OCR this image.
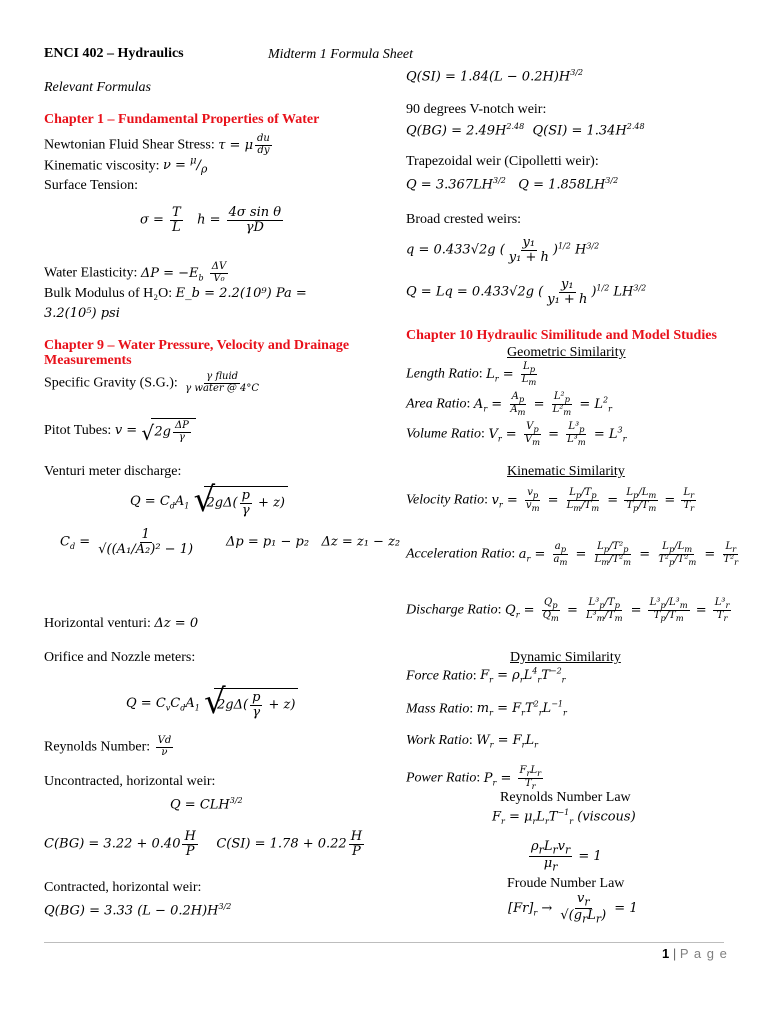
ENCI 402 – Hydraulics	Midterm 1 Formula Sheet
Relevant Formulas
Chapter 1 – Fundamental Properties of Water
Newtonian Fluid Shear Stress: τ = μ $\frac{du}{dy}$
Kinematic viscosity: $\nu = ^\mu/_\rho$
Surface Tension:
$\sigma = \frac{T}{L}$ $h = \frac{\text{4σ sin θ}}{\gamma D}$
Water Elasticity: $\Delta P = -E_b \frac{\Delta V}{\text{V₀}}$
Bulk Modulus of H₂O: E_b = 2.2(10⁹) Pa =
3.2(10⁵) psi
Chapter 9 – Water Pressure, Velocity and Drainage
Measurements
Specific Gravity (S.G.): $\frac{\text{γ fluid}}{\text{γ water @ 4°C}}$
Pitot Tubes: v = √ $2g \frac{\Delta P}{\gamma}$
Venturi meter discharge:
$Q = C_dA_1$ √
$2g\Delta( \frac{p}{\gamma} + z)$
$C_d = \frac{1}{\text{√((A₁/A₂)² − 1)}}$ Δp = p₁ − p₂   Δz = z₁ − z₂
Horizontal venturi: Δz = 0
Orifice and Nozzle meters:
$Q = C_vC_dA_1$ √
$2g\Delta( \frac{p}{\gamma} + z)$
Reynolds Number: $\frac{Vd}{\nu}$
Uncontracted, horizontal weir:
$Q = CLH^{3/2}$
$C(BG) = 3.22 + 0.40 \frac{H}{P} C(SI) = 1.78 + 0.22 \frac{H}{P}$
Contracted, horizontal weir:
Q(BG) = 3.33 $(L - 0.2H)H^{3/2}$
$Q(SI) = 1.84(L - 0.2H)H^{3/2}$
90 degrees V-notch weir:
$Q(BG) = 2.49H^{2.48}$  $Q(SI) = 1.34H^{2.48}$
Trapezoidal weir (Cipolletti weir):
$Q = 3.367LH^{3/2}$   $Q = 1.858LH^{3/2}$
Broad crested weirs:
q = 0.433√2g ( $\frac{\text{y₁}}{\text{y₁ + h}} )^{1/2}$ $H^{3/2}$
Q = Lq = 0.433√2g ( $\frac{\text{y₁}}{\text{y₁ + h}} )^{1/2}$ $LH^{3/2}$
Chapter 10 Hydraulic Similitude and Model Studies
Geometric Similarity
Length Ratio: $L_r = \frac{L_p}{L_m}$
Area Ratio: $A_r = \frac{A_p}{A_m} = \frac{L^2_p}{L^2_m} = L^2_r$
Volume Ratio: $V_r = \frac{V_p}{V_m} = \frac{L^3_p}{L^3_m} = L^3_r$
Kinematic Similarity
Velocity Ratio: $v_r = \frac{v_p}{v_m} = \frac{L_p/T_p}{L_m/T_m} = \frac{L_p/L_m}{T_p/T_m} = \frac{L_r}{T_r}$
Acceleration Ratio: $a_r = \frac{a_p}{a_m} = \frac{L_p/T^2_p}{L_m/T^2_m} = \frac{L_p/L_m}{T^2_p/T^2_m} = \frac{L_r}{T^2_r}$
Discharge Ratio: $Q_r = \frac{Q_p}{Q_m} = \frac{L^3_p/T_p}{L^3_m/T_m} = \frac{L^3_p/L^3_m}{T_p/T_m} = \frac{L^3_r}{T_r}$
Dynamic Similarity
Force Ratio: $F_r = \rho_rL^4_rT^{-2}_r$
Mass Ratio: $m_r = F_rT^2_rL^{-1}_r$
Work Ratio: $W_r = F_rL_r$
Power Ratio: $P_r = \frac{F_rL_r}{T_r}$
Reynolds Number Law
$F_r = \mu_rL_rT^{-1}_r$ (viscous)
$\frac{\rho_rL_rv_r}{\mu_r} = 1$
Froude Number Law
$[Fr]_r \to \frac{v_r}{√(g_rL_r)} = 1$
1 | P a g e
